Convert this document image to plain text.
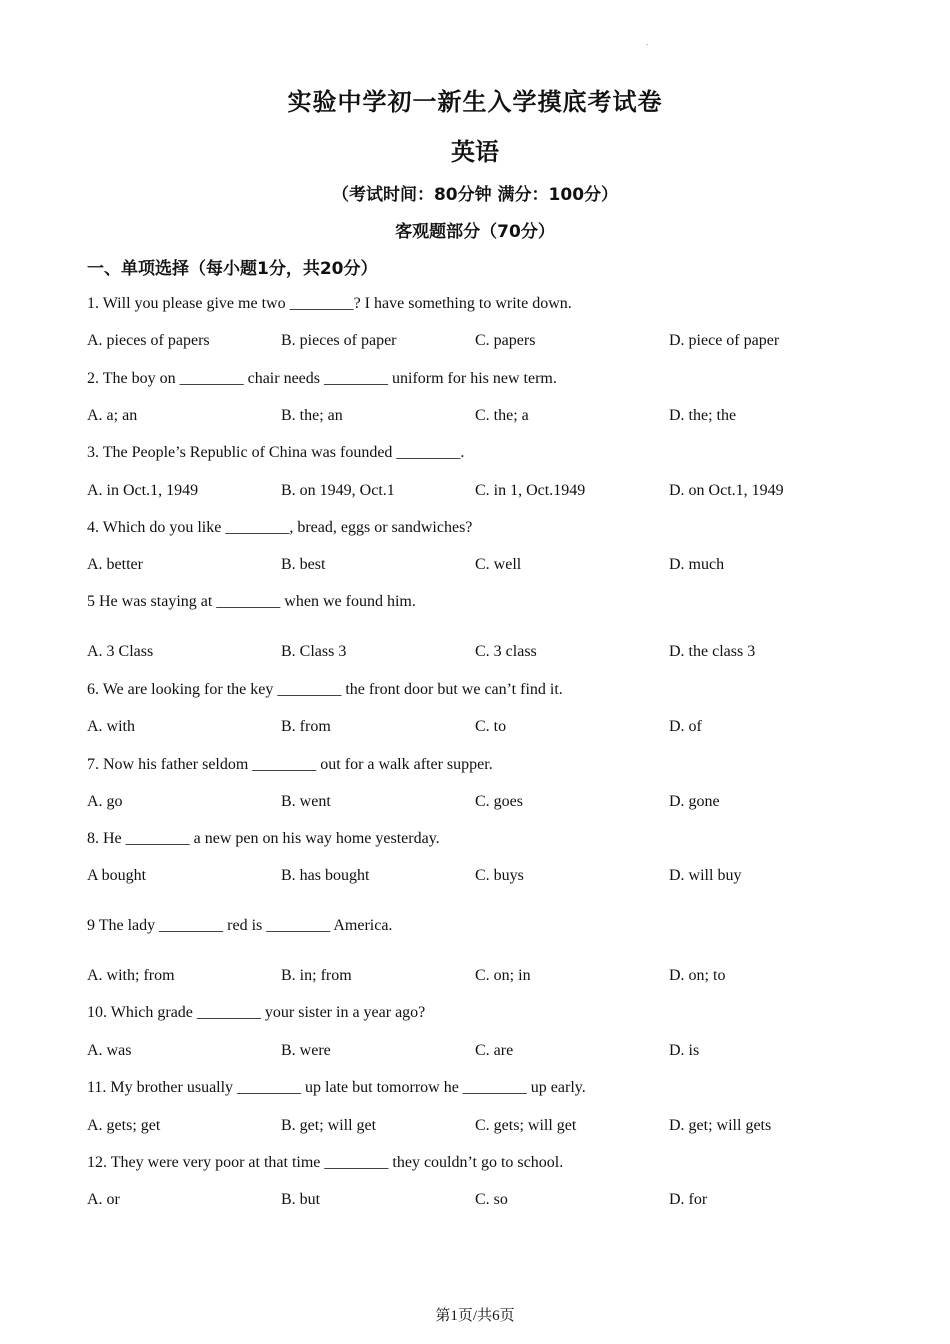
.
实验中学初一新生入学摸底考试卷
英语
（考试时间：80分钟 满分：100分）
客观题部分（70分）
一、单项选择（每小题1分，共20分）
1. Will you please give me two ________? I have something to write down.
A. pieces of papers	B. pieces of paper	C. papers	D. piece of paper
2. The boy on ________ chair needs ________ uniform for his new term.
A. a; an	B. the; an	C. the; a	D. the; the
3. The People’s Republic of China was founded ________.
A. in Oct.1, 1949	B. on 1949, Oct.1	C. in 1, Oct.1949	D. on Oct.1, 1949
4. Which do you like ________, bread, eggs or sandwiches?
A. better	B. best	C. well	D. much
5 He was staying at ________ when we found him.
A. 3 Class	B. Class 3	C. 3 class	D. the class 3
6. We are looking for the key ________ the front door but we can’t find it.
A. with	B. from	C. to	D. of
7. Now his father seldom ________ out for a walk after supper.
A. go	B. went	C. goes	D. gone
8. He ________ a new pen on his way home yesterday.
A bought	B. has bought	C. buys	D. will buy
9 The lady ________ red is ________ America.
A. with; from	B. in; from	C. on; in	D. on; to
10. Which grade ________ your sister in a year ago?
A. was	B. were	C. are	D. is
11. My brother usually ________ up late but tomorrow he ________ up early.
A. gets; get	B. get; will get	C. gets; will get	D. get; will gets
12. They were very poor at that time ________ they couldn’t go to school.
A. or	B. but	C. so	D. for
第1页/共6页
